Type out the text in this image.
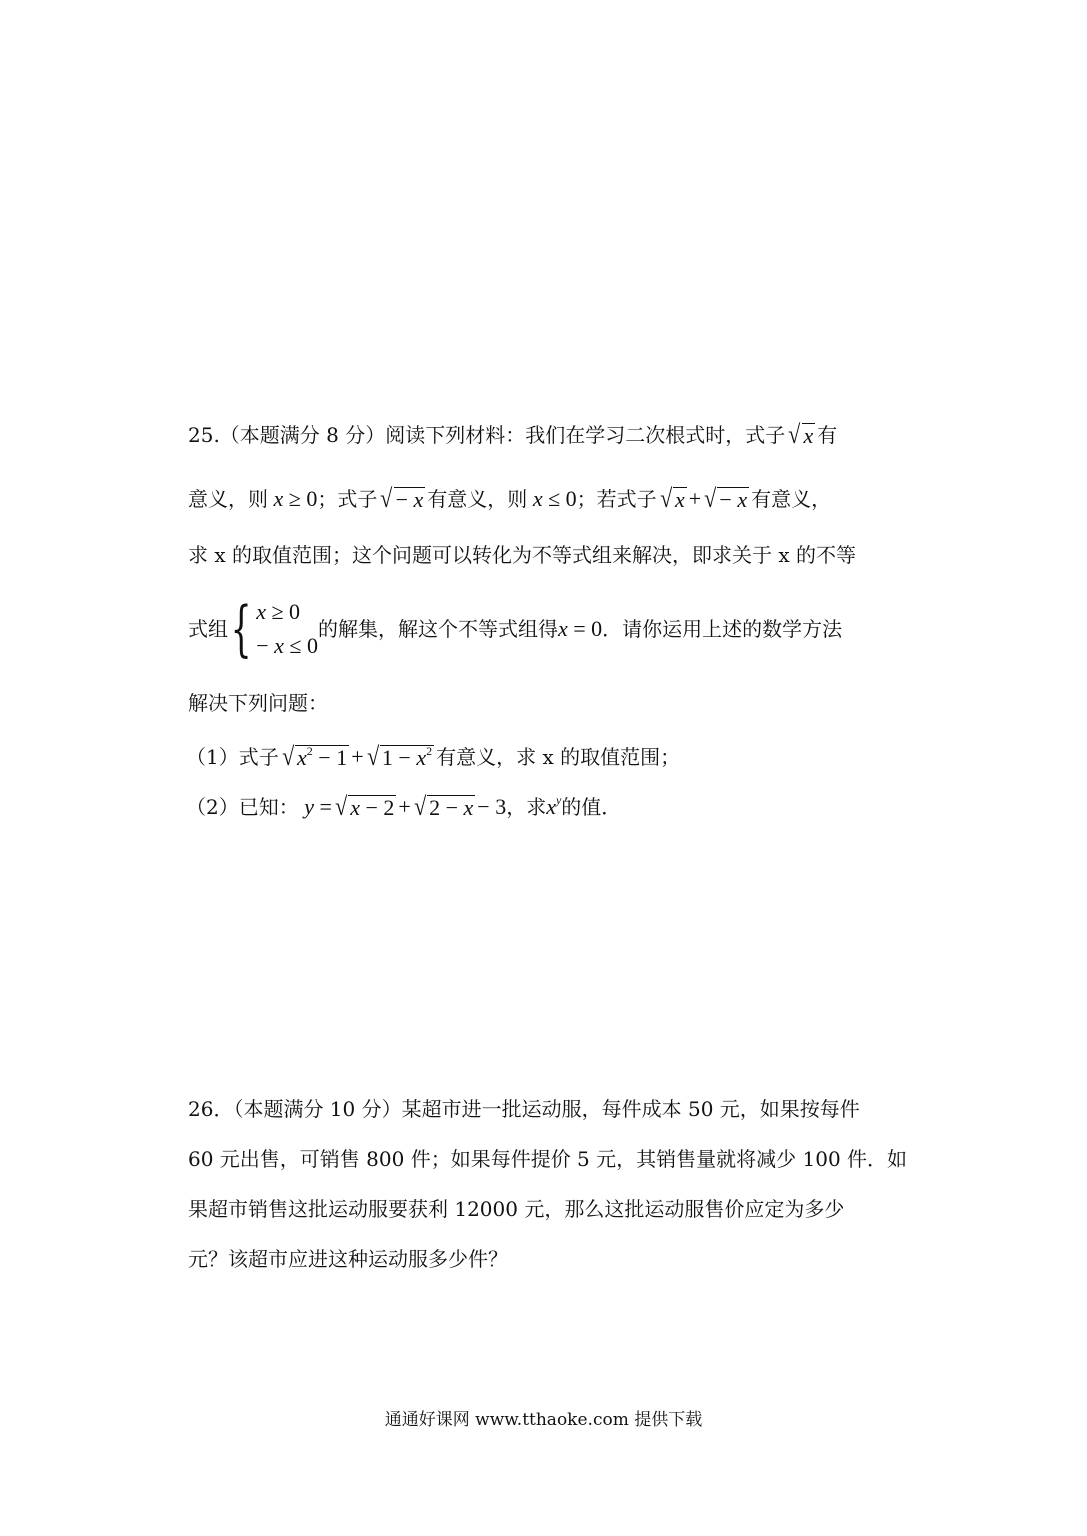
25.（本题满分 8 分）阅读下列材料：我们在学习二次根式时，式子 √ x 有
意义，则 x ≥ 0 ；式子 √ − x 有意义，则 x ≤ 0 ；若式子 √ x + √ − x 有意义，
求 x 的取值范围；这个问题可以转化为不等式组来解决，即求关于 x 的不等
式组 { x ≥ 0
− x ≤ 0
的解集，解这个不等式组得 x = 0 ．请你运用上述的数学方法
解决下列问题：
（1）式子 √ $x^2 - 1$ + √ $1 - x^2$ 有意义，求 x 的取值范围；
（2）已知： y = √ x − 2 + √ 2 − x − 3 ，求 $x^y$ 的值．
26．（本题满分 10 分）某超市进一批运动服，每件成本 50 元，如果按每件
60 元出售，可销售 800 件；如果每件提价 5 元，其销售量就将减少 100 件．如
果超市销售这批运动服要获利 12000 元，那么这批运动服售价应定为多少
元？该超市应进这种运动服多少件？
通通好课网 www.tthaoke.com 提供下载
